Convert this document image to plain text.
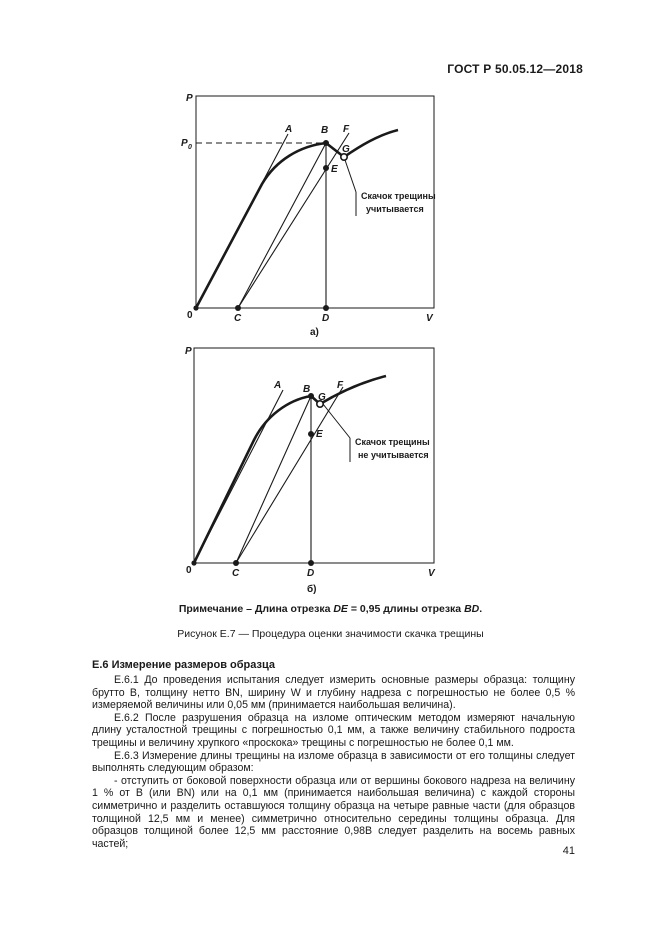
ГОСТ Р 50.05.12—2018
Скачок трещины
учитывается
P
P 0
A	B F
G
E
0	C	D	V
а)
Скачок трещины
не учитывается
P
A B	F
G
E
0	C	D	V
б)
Примечание – Длина отрезка DE = 0,95 длины отрезка BD.
Рисунок Е.7 — Процедура оценки значимости скачка трещины
Е.6 Измерение размеров образца

Е.6.1 До проведения испытания следует измерить основные размеры образца: толщину брутто B, толщину нетто BN, ширину W и глубину надреза с погрешностью не более 0,5 % измеряемой величины или 0,05 мм (принимается наибольшая величина).

Е.6.2 После разрушения образца на изломе оптическим методом измеряют начальную длину усталостной трещины с погрешностью 0,1 мм, а также величину стабильного подроста трещины и величину хрупкого «проскока» трещины с погрешностью не более 0,1 мм.

Е.6.3 Измерение длины трещины на изломе образца в зависимости от его толщины следует выполнять следующим образом:

- отступить от боковой поверхности образца или от вершины бокового надреза на величину 1 % от B (или BN) или на 0,1 мм (принимается наибольшая величина) с каждой стороны симметрично и разделить оставшуюся толщину образца на четыре равные части (для образцов толщиной 12,5 мм и менее) симметрично относительно середины толщины образца. Для образцов толщиной более 12,5 мм расстояние 0,98B следует разделить на восемь равных частей;

41
